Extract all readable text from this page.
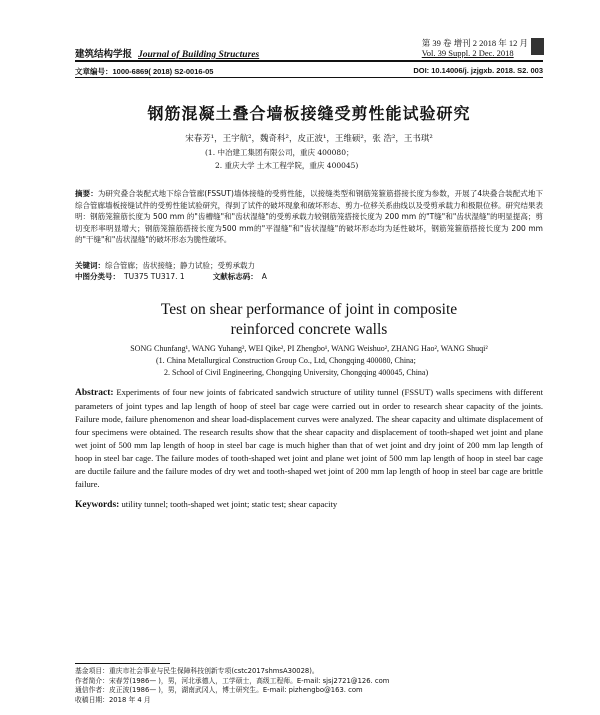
建筑结构学报 Journal of Building Structures
第 39 卷 增刊 2 2018 年 12 月
Vol. 39 Suppl. 2 Dec. 2018
文章编号：1000-6869( 2018) S2-0016-05	DOI: 10.14006/j. jzjgxb. 2018. S2. 003
钢筋混凝土叠合墙板接缝受剪性能试验研究
宋春芳¹，王宇航²，魏奇科²，皮正波¹，王维硕²，张 浩²，王书琪²
(1. 中冶建工集团有限公司，重庆 400080；
2. 重庆大学 土木工程学院，重庆 400045)
摘要：为研究叠合装配式地下综合管廊(FSSUT)墙体接缝的受剪性能，以接缝类型和钢筋笼箍筋搭接长度为参数，开展了4块叠合装配式地下综合管廊墙板接缝试件的受剪性能试验研究，得到了试件的破坏现象和破坏形态、剪力-位移关系曲线以及受剪承载力和极限位移。研究结果表明：钢筋笼箍筋长度为 500 mm 的"齿槽缝"和"齿状湿缝"的受剪承载力较钢筋笼搭接长度为 200 mm 的"T缝"和"齿状湿缝"的明显提高；剪切变形率明显增大；钢筋笼箍筋搭接长度为500 mm的"平湿缝"和"齿状湿缝"的破坏形态均为延性破坏，钢筋笼箍筋搭接长度为 200 mm 的"干缝"和"齿状湿缝"的破坏形态为脆性破坏。
关键词：综合管廊；齿状接缝；静力试验；受剪承载力
中图分类号： TU375 TU317. 1	文献标志码： A
Test on shear performance of joint in composite
reinforced concrete walls
SONG Chunfang¹, WANG Yuhang², WEI Qike², PI Zhengbo¹, WANG Weishuo², ZHANG Hao², WANG Shuqi²
(1. China Metallurgical Construction Group Co., Ltd, Chongqing 400080, China;
2. School of Civil Engineering, Chongqing University, Chongqing 400045, China)
Abstract: Experiments of four new joints of fabricated sandwich structure of utility tunnel (FSSUT) walls specimens with different parameters of joint types and lap length of hoop of steel bar cage were carried out in order to research shear capacity of the joints. Failure mode, failure phenomenon and shear load-displacement curves were analyzed. The shear capacity and ultimate displacement of four specimens were obtained. The research results show that the shear capacity and displacement of tooth-shaped wet joint and plane wet joint of 500 mm lap length of hoop in steel bar cage is much higher than that of wet joint and dry joint of 200 mm lap length of hoop in steel bar cage. The failure modes of tooth-shaped wet joint and plane wet joint of 500 mm lap length of hoop in steel bar cage are ductile failure and the failure modes of dry wet and tooth-shaped wet joint of 200 mm lap length of hoop in steel bar cage are brittle failure.
Keywords: utility tunnel; tooth-shaped wet joint; static test; shear capacity
基金项目：重庆市社会事业与民生保障科技创新专项(cstc2017shmsA30028)。
作者简介：宋春芳(1986— )，男，河北承德人，工学硕士，高级工程师。E-mail: sjsj2721@126. com
通信作者：皮正波(1986— )，男，湖南武冈人，博士研究生。E-mail: pizhengbo@163. com
收稿日期：2018 年 4 月
